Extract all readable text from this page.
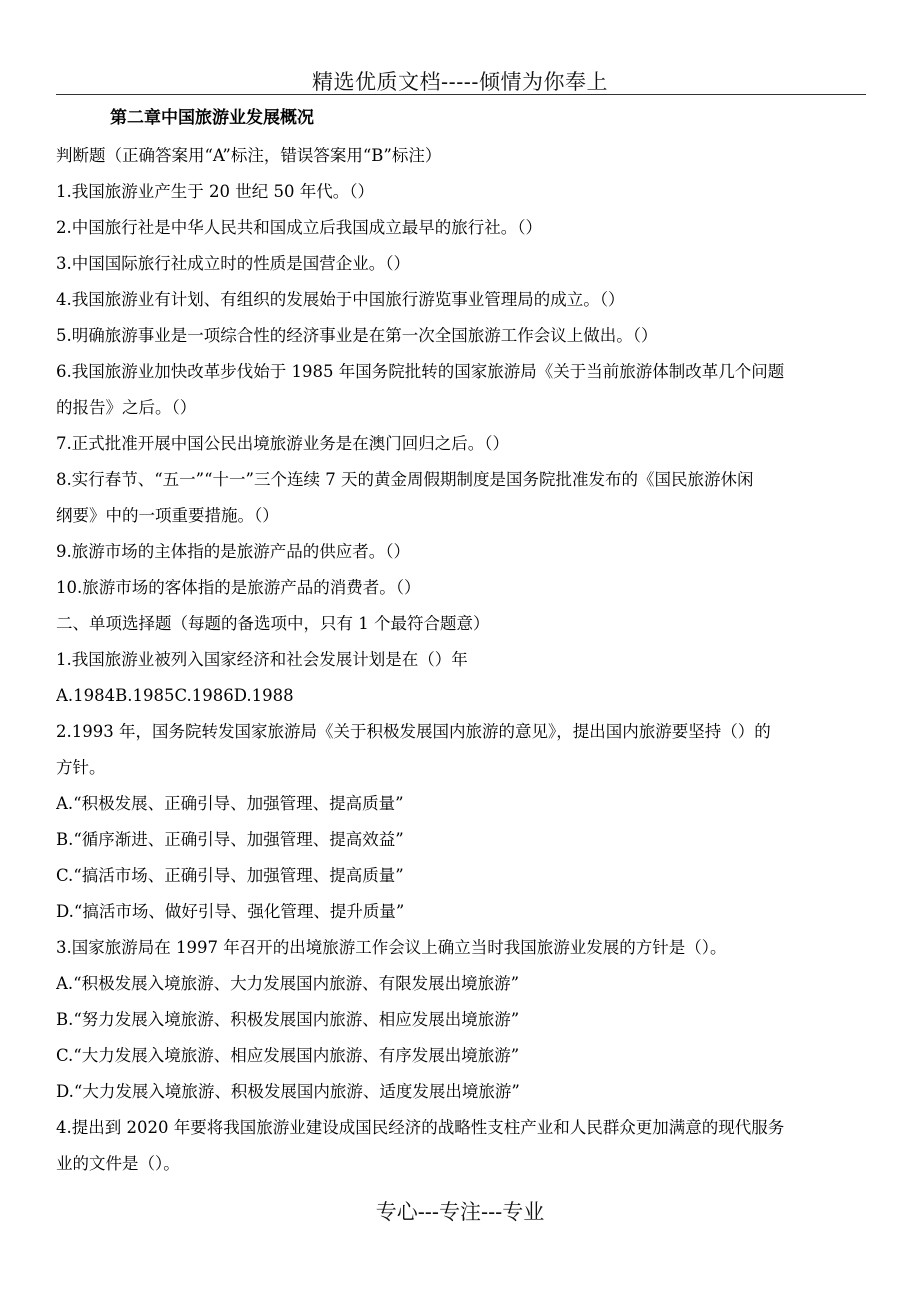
精选优质文档-----倾情为你奉上
第二章中国旅游业发展概况
判断题（正确答案用“A”标注，错误答案用“B”标注）
1.我国旅游业产生于 20 世纪 50 年代。（）
2.中国旅行社是中华人民共和国成立后我国成立最早的旅行社。（）
3.中国国际旅行社成立时的性质是国营企业。（）
4.我国旅游业有计划、有组织的发展始于中国旅行游览事业管理局的成立。（）
5.明确旅游事业是一项综合性的经济事业是在第一次全国旅游工作会议上做出。（）
6.我国旅游业加快改革步伐始于 1985 年国务院批转的国家旅游局《关于当前旅游体制改革几个问题
的报告》之后。（）
7.正式批准开展中国公民出境旅游业务是在澳门回归之后。（）
8.实行春节、“五一”“十一”三个连续 7 天的黄金周假期制度是国务院批准发布的《国民旅游休闲
纲要》中的一项重要措施。（）
9.旅游市场的主体指的是旅游产品的供应者。（）
10.旅游市场的客体指的是旅游产品的消费者。（）
二、单项选择题（每题的备选项中，只有 1 个最符合题意）
1.我国旅游业被列入国家经济和社会发展计划是在（）年
A.1984B.1985C.1986D.1988
2.1993 年，国务院转发国家旅游局《关于积极发展国内旅游的意见》，提出国内旅游要坚持（）的
方针。
A.“积极发展、正确引导、加强管理、提高质量”
B.“循序渐进、正确引导、加强管理、提高效益”
C.“搞活市场、正确引导、加强管理、提高质量”
D.“搞活市场、做好引导、强化管理、提升质量”
3.国家旅游局在 1997 年召开的出境旅游工作会议上确立当时我国旅游业发展的方针是（）。
A.“积极发展入境旅游、大力发展国内旅游、有限发展出境旅游”
B.“努力发展入境旅游、积极发展国内旅游、相应发展出境旅游”
C.“大力发展入境旅游、相应发展国内旅游、有序发展出境旅游”
D.“大力发展入境旅游、积极发展国内旅游、适度发展出境旅游”
4.提出到 2020 年要将我国旅游业建设成国民经济的战略性支柱产业和人民群众更加满意的现代服务
业的文件是（）。
专心---专注---专业
